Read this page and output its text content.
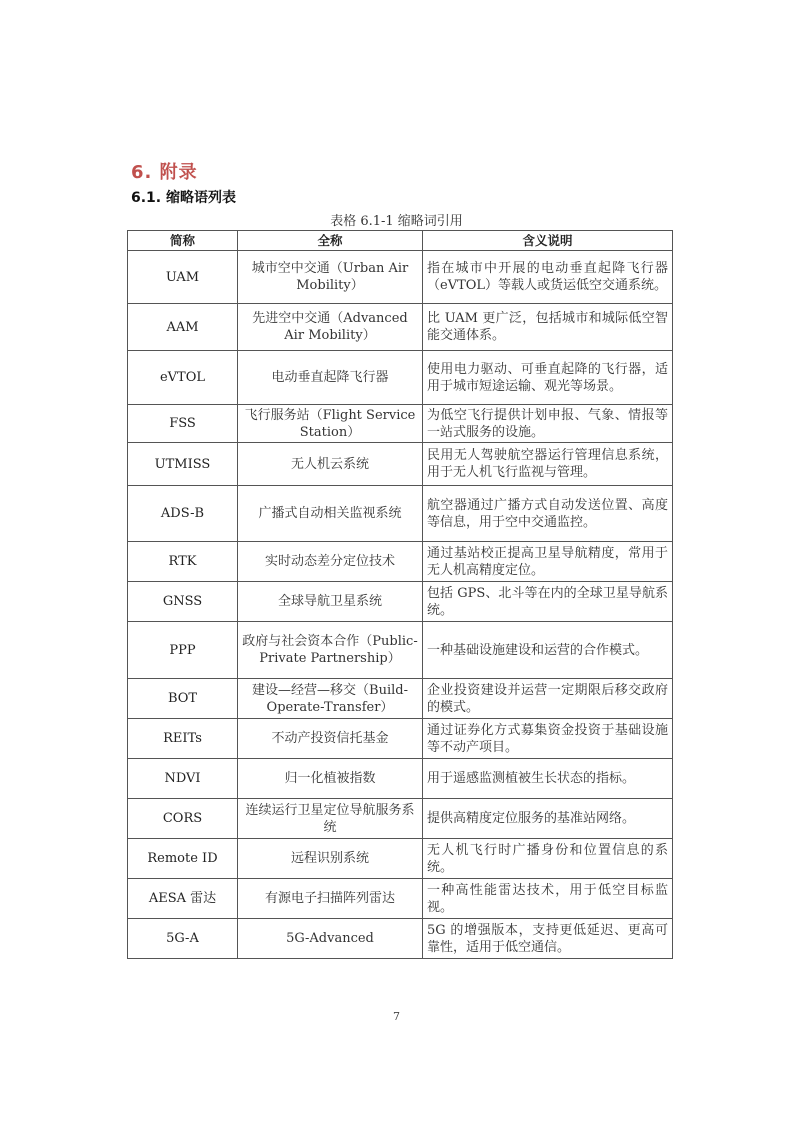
6. 附录
6.1. 缩略语列表

表格 6.1-1 缩略词引用

简称	全称	含义说明
UAM	城市空中交通（Urban Air Mobility）	指在城市中开展的电动垂直起降飞行器（eVTOL）等载人或货运低空交通系统。
AAM	先进空中交通（Advanced Air Mobility）	比 UAM 更广泛，包括城市和城际低空智能交通体系。
eVTOL	电动垂直起降飞行器	使用电力驱动、可垂直起降的飞行器，适用于城市短途运输、观光等场景。
FSS	飞行服务站（Flight Service Station）	为低空飞行提供计划申报、气象、情报等一站式服务的设施。
UTMISS	无人机云系统	民用无人驾驶航空器运行管理信息系统，用于无人机飞行监视与管理。
ADS-B	广播式自动相关监视系统	航空器通过广播方式自动发送位置、高度等信息，用于空中交通监控。
RTK	实时动态差分定位技术	通过基站校正提高卫星导航精度，常用于无人机高精度定位。
GNSS	全球导航卫星系统	包括 GPS、北斗等在内的全球卫星导航系统。
PPP	政府与社会资本合作（Public-Private Partnership）	一种基础设施建设和运营的合作模式。
BOT	建设—经营—移交（Build-Operate-Transfer）	企业投资建设并运营一定期限后移交政府的模式。
REITs	不动产投资信托基金	通过证券化方式募集资金投资于基础设施等不动产项目。
NDVI	归一化植被指数	用于遥感监测植被生长状态的指标。
CORS	连续运行卫星定位导航服务系统	提供高精度定位服务的基准站网络。
Remote ID	远程识别系统	无人机飞行时广播身份和位置信息的系统。
AESA 雷达	有源电子扫描阵列雷达	一种高性能雷达技术，用于低空目标监视。
5G-A	5G-Advanced	5G 的增强版本，支持更低延迟、更高可靠性，适用于低空通信。
7
